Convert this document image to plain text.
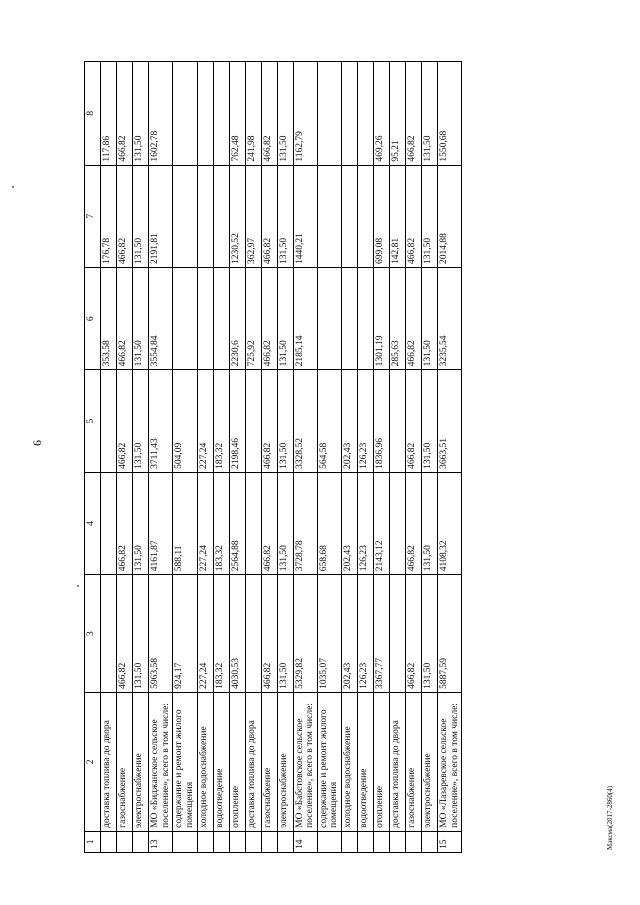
6
Максма(2017-2860(4)
1	2	3	4	5	6	7	8
	доставка топлива до двора				353,58	176,78	117,86
	газоснабжение	466,82	466,82	466,82	466,82	466,82	466,82
	электроснабжение	131,50	131,50	131,50	131,50	131,50	131,50
13	МО «Биджанское сельское поселение», всего в том числе:	5963,58	4161,87	3711,43	3554,84	2191,81	1602,78
	содержание и ремонт жилого помещения	924,17	588,11	504,09			
	холодное водоснабжение	227,24	227,24	227,24			
	водоотведение	183,32	183,32	183,32			
	отопление	4030,53	2564,88	2198,46	2230,6	1230,52	762,48
	доставка топлива до двора				725,92	362,97	241,98
	газоснабжение	466,82	466,82	466,82	466,82	466,82	466,82
	электроснабжение	131,50	131,50	131,50	131,50	131,50	131,50
14	МО «Бабстовское сельское поселение», всего в том числе:	5329,82	3728,78	3328,52	2185,14	1440,21	1162,79
	содержание и ремонт жилого помещения	1035,07	658,68	564,58			
	холодное водоснабжение	202,43	202,43	202,43			
	водоотведение	126,23	126,23	126,23			
	отопление	3367,77	2143,12	1836,96	1301,19	699,08	469,26
	доставка топлива до двора				285,63	142,81	95,21
	газоснабжение	466,82	466,82	466,82	466,82	466,82	466,82
	электроснабжение	131,50	131,50	131,50	131,50	131,50	131,50
15	МО «Лазаревское сельское поселение», всего в том числе:	5887,59	4108,32	3663,51	3235,54	2014,88	1550,68
